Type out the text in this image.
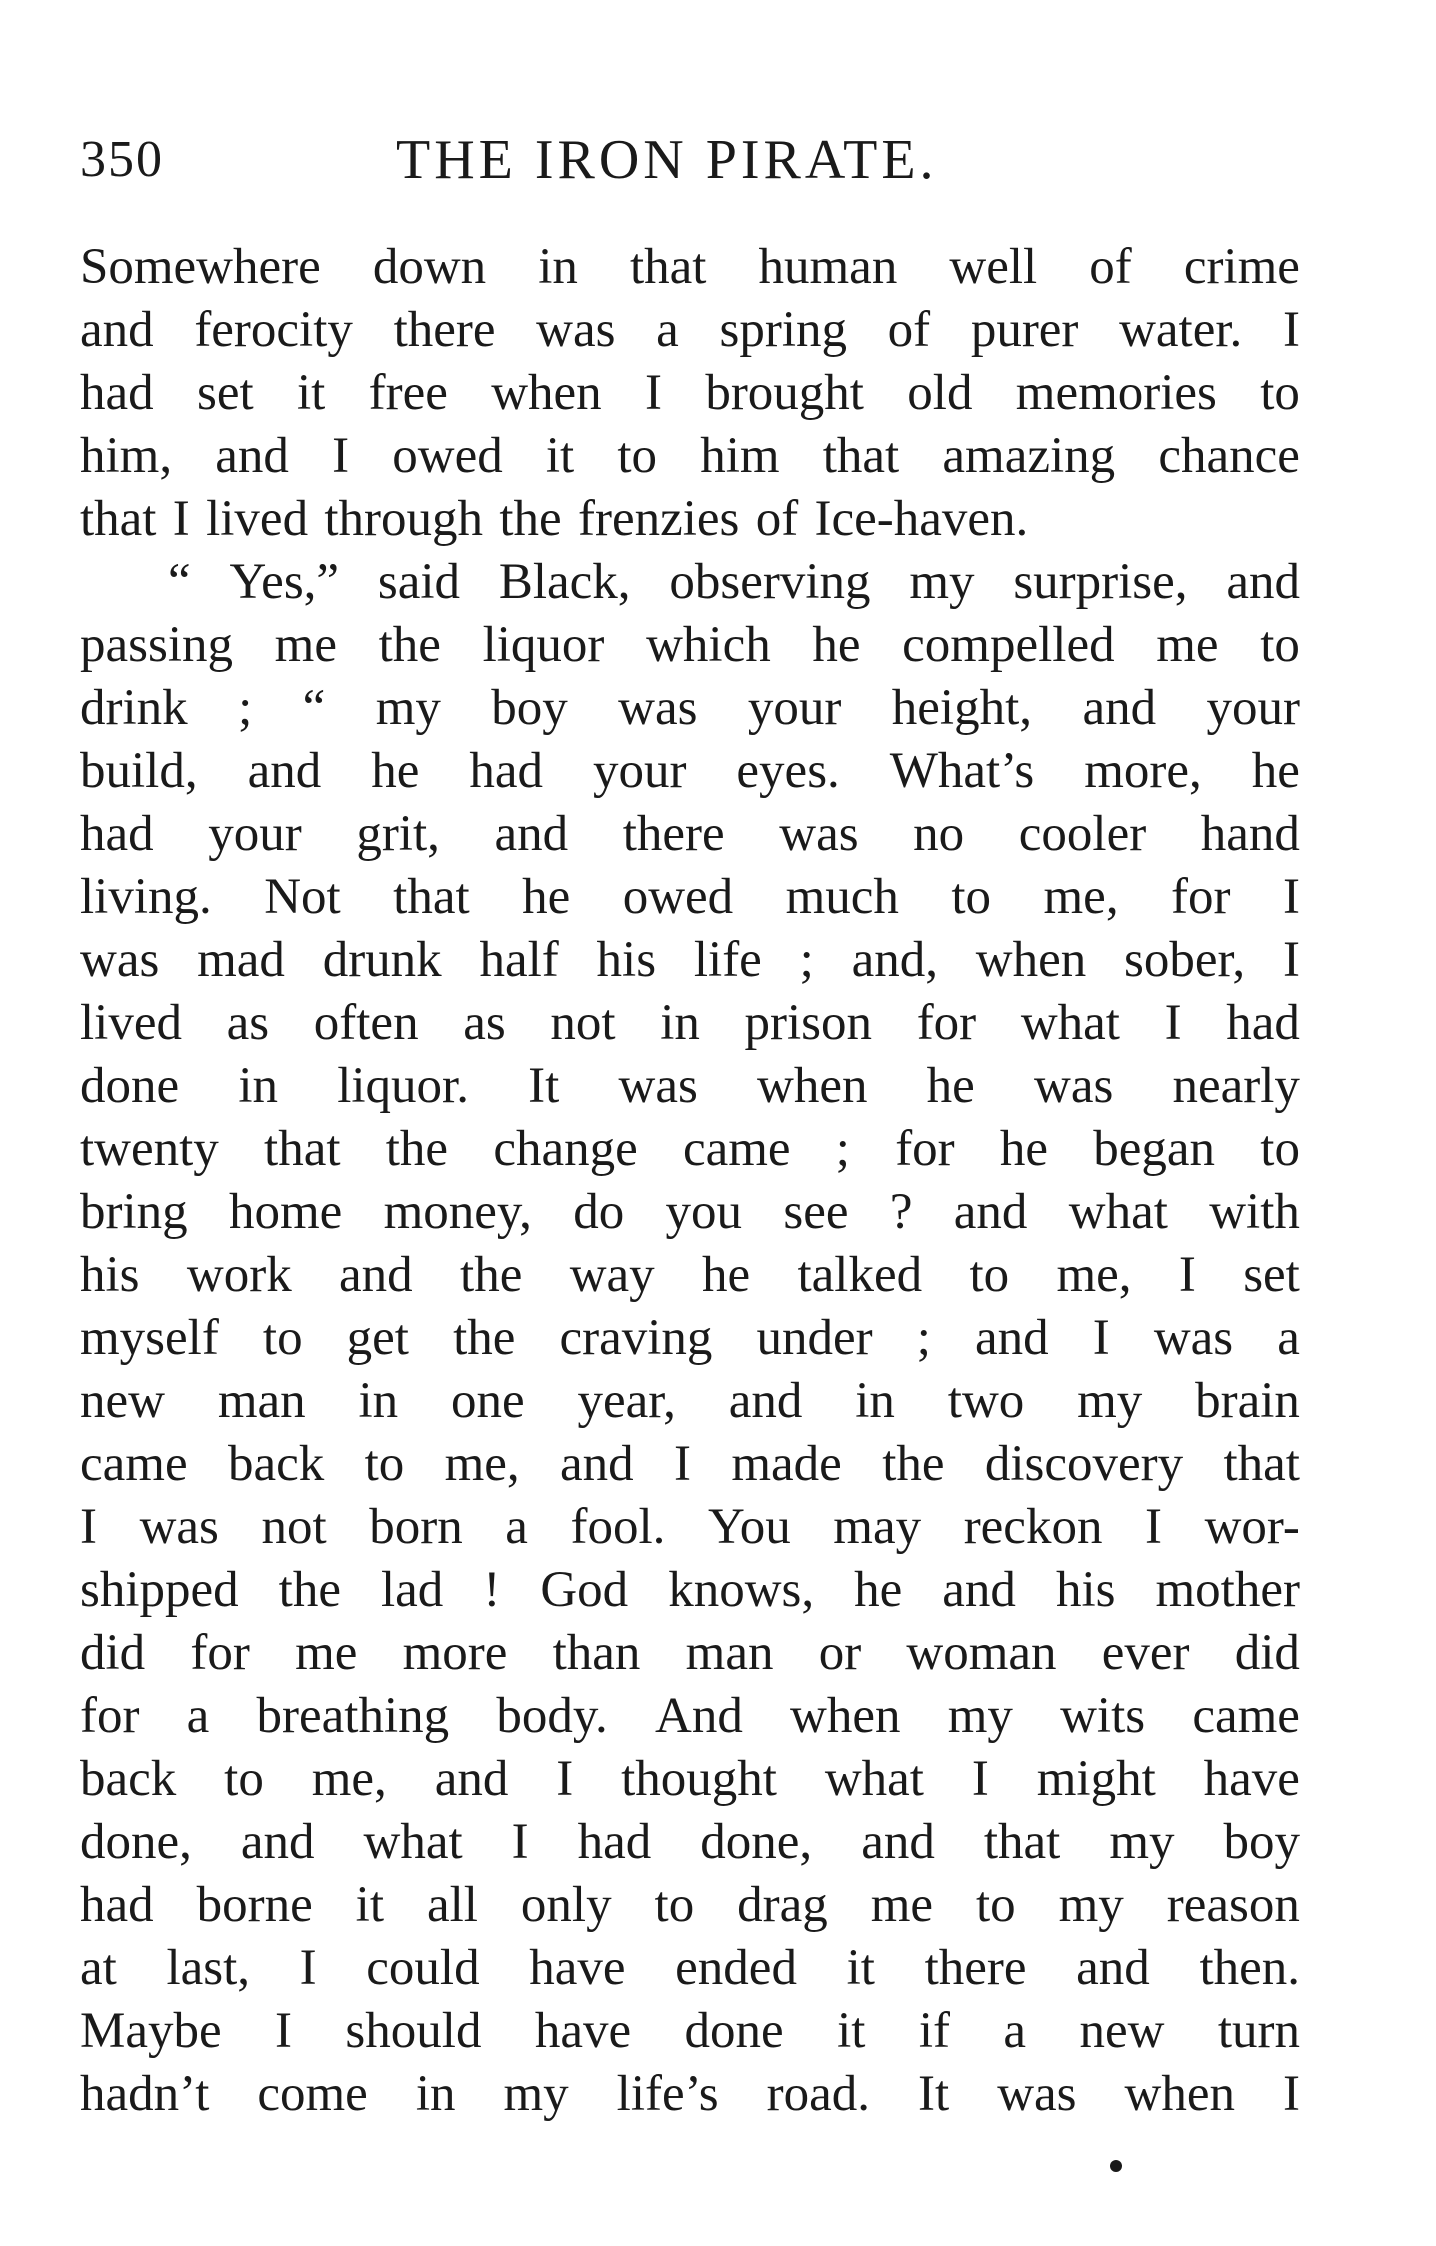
350	THE IRON PIRATE.
Somewhere down in that human well of crime
and ferocity there was a spring of purer water. I
had set it free when I brought old memories to
him, and I owed it to him that amazing chance
that I lived through the frenzies of Ice-haven.
“ Yes,” said Black, observing my surprise, and
passing me the liquor which he compelled me to
drink ; “ my boy was your height, and your
build, and he had your eyes. What’s more, he
had your grit, and there was no cooler hand
living. Not that he owed much to me, for I
was mad drunk half his life ; and, when sober, I
lived as often as not in prison for what I had
done in liquor. It was when he was nearly
twenty that the change came ; for he began to
bring home money, do you see ? and what with
his work and the way he talked to me, I set
myself to get the craving under ; and I was a
new man in one year, and in two my brain
came back to me, and I made the discovery that
I was not born a fool. You may reckon I wor-
shipped the lad ! God knows, he and his mother
did for me more than man or woman ever did
for a breathing body. And when my wits came
back to me, and I thought what I might have
done, and what I had done, and that my boy
had borne it all only to drag me to my reason
at last, I could have ended it there and then.
Maybe I should have done it if a new turn
hadn’t come in my life’s road. It was when I
